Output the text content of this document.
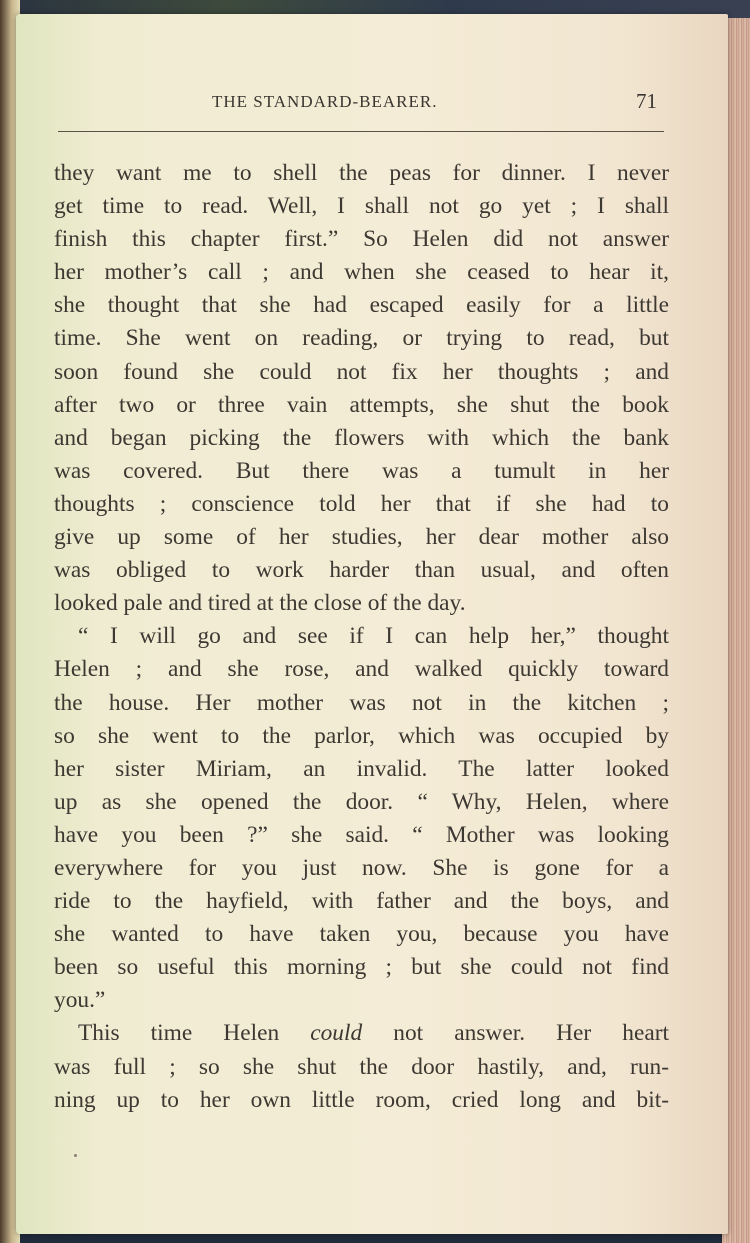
THE STANDARD-BEARER.	71
they want me to shell the peas for dinner. I never
get time to read. Well, I shall not go yet ; I shall
finish this chapter first.” So Helen did not answer
her mother’s call ; and when she ceased to hear it,
she thought that she had escaped easily for a little
time. She went on reading, or trying to read, but
soon found she could not fix her thoughts ; and
after two or three vain attempts, she shut the book
and began picking the flowers with which the bank
was covered. But there was a tumult in her
thoughts ; conscience told her that if she had to
give up some of her studies, her dear mother also
was obliged to work harder than usual, and often
looked pale and tired at the close of the day.
“ I will go and see if I can help her,” thought
Helen ; and she rose, and walked quickly toward
the house. Her mother was not in the kitchen ;
so she went to the parlor, which was occupied by
her sister Miriam, an invalid. The latter looked
up as she opened the door. “ Why, Helen, where
have you been ?” she said. “ Mother was looking
everywhere for you just now. She is gone for a
ride to the hayfield, with father and the boys, and
she wanted to have taken you, because you have
been so useful this morning ; but she could not find
you.”
This time Helen could not answer. Her heart
was full ; so she shut the door hastily, and, run-
ning up to her own little room, cried long and bit-
